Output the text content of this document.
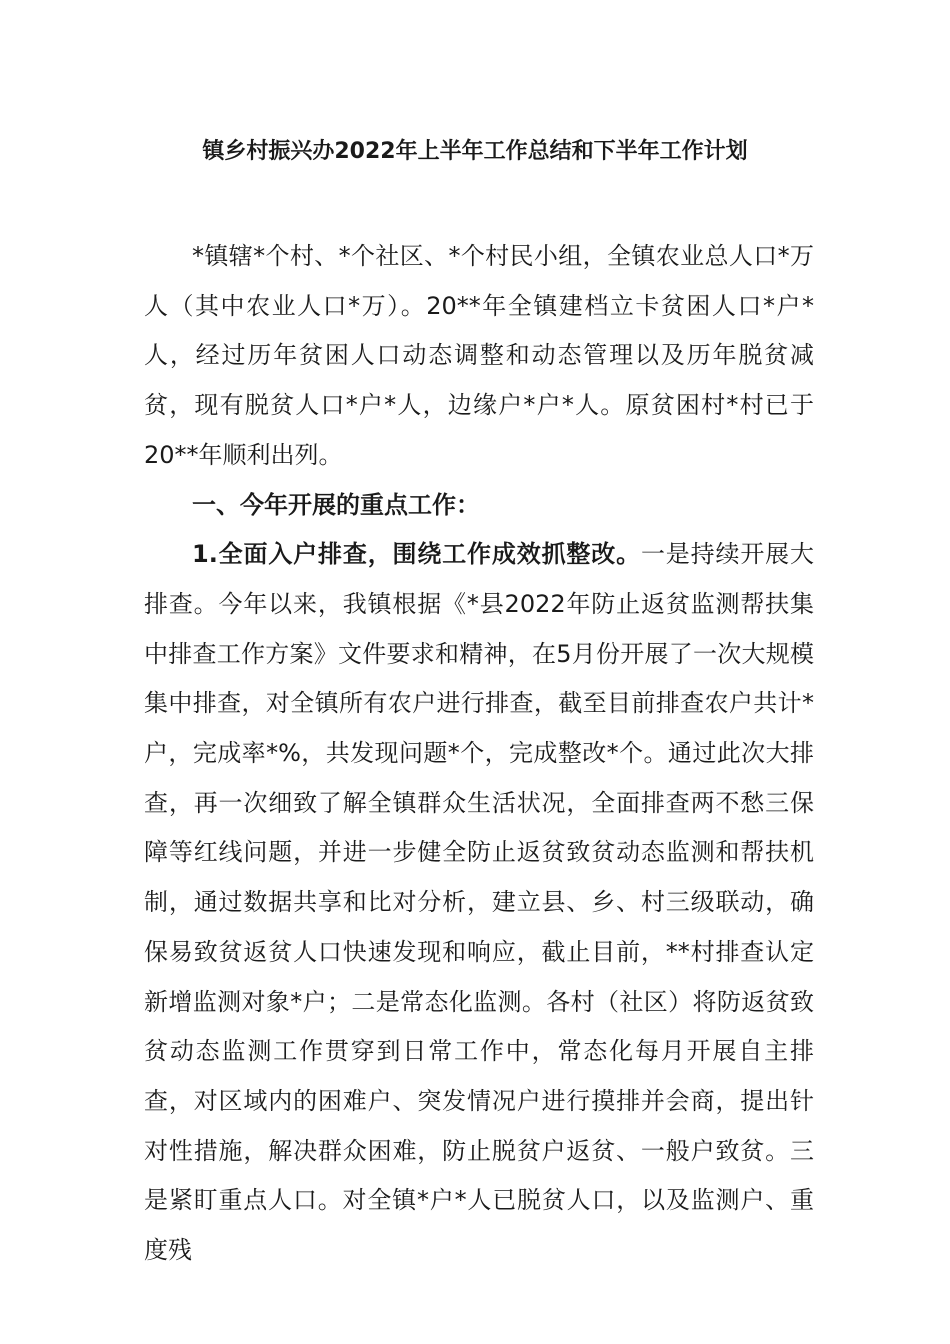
镇乡村振兴办2022年上半年工作总结和下半年工作计划

*镇辖*个村、*个社区、*个村民小组，全镇农业总人口*万人（其中农业人口*万）。20**年全镇建档立卡贫困人口*户*人，经过历年贫困人口动态调整和动态管理以及历年脱贫减贫，现有脱贫人口*户*人，边缘户*户*人。原贫困村*村已于20**年顺利出列。

一、今年开展的重点工作：

1.全面入户排查，围绕工作成效抓整改。一是持续开展大排查。今年以来，我镇根据《*县2022年防止返贫监测帮扶集中排查工作方案》文件要求和精神，在5月份开展了一次大规模集中排查，对全镇所有农户进行排查，截至目前排查农户共计*户，完成率*%，共发现问题*个，完成整改*个。通过此次大排查，再一次细致了解全镇群众生活状况，全面排查两不愁三保障等红线问题，并进一步健全防止返贫致贫动态监测和帮扶机制，通过数据共享和比对分析，建立县、乡、村三级联动，确保易致贫返贫人口快速发现和响应，截止目前，**村排查认定新增监测对象*户；二是常态化监测。各村（社区）将防返贫致贫动态监测工作贯穿到日常工作中，常态化每月开展自主排查，对区域内的困难户、突发情况户进行摸排并会商，提出针对性措施，解决群众困难，防止脱贫户返贫、一般户致贫。三是紧盯重点人口。对全镇*户*人已脱贫人口，以及监测户、重度残
